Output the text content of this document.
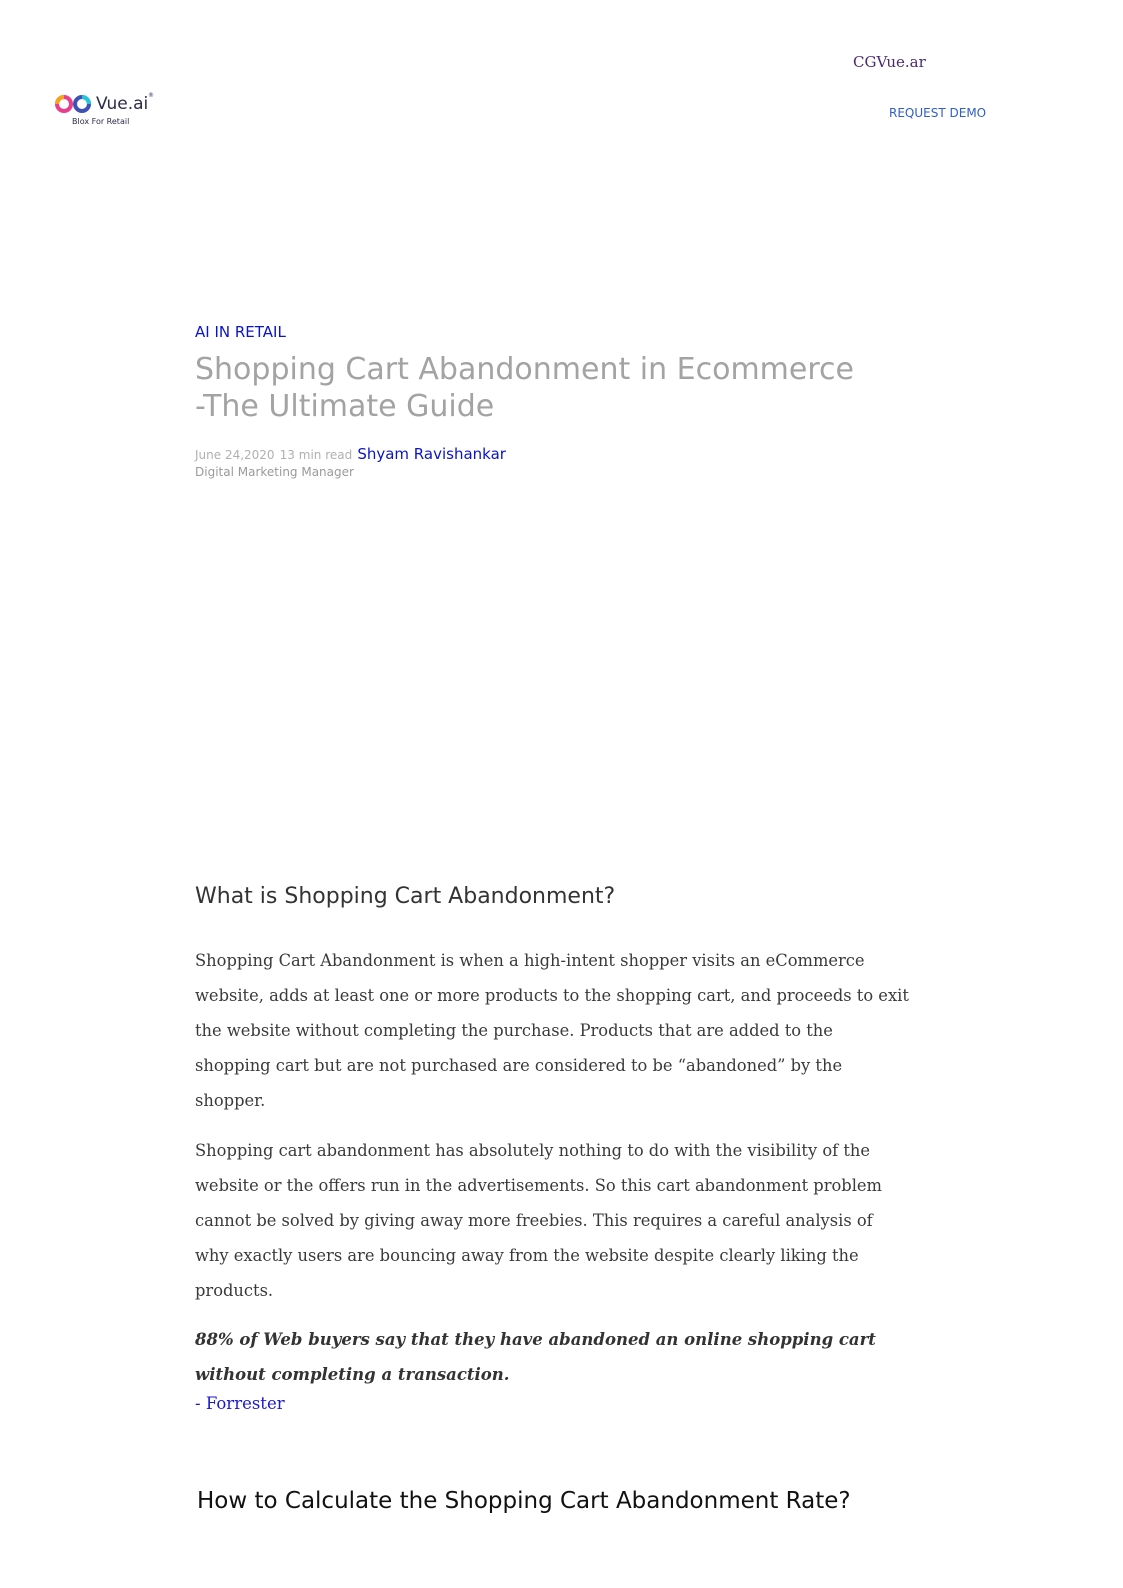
CGVue.ar
Vue.ai ®
Blox For Retail
REQUEST DEMO
AI IN RETAIL
Shopping Cart Abandonment in Ecommerce
-The Ultimate Guide
June 24,2020 13 min read Shyam Ravishankar
Digital Marketing Manager
What is Shopping Cart Abandonment?

Shopping Cart Abandonment is when a high-intent shopper visits an eCommerce
website, adds at least one or more products to the shopping cart, and proceeds to exit
the website without completing the purchase. Products that are added to the
shopping cart but are not purchased are considered to be “abandoned” by the
shopper.

Shopping cart abandonment has absolutely nothing to do with the visibility of the
website or the offers run in the advertisements. So this cart abandonment problem
cannot be solved by giving away more freebies. This requires a careful analysis of
why exactly users are bouncing away from the website despite clearly liking the
products.

88% of Web buyers say that they have abandoned an online shopping cart
without completing a transaction.
- Forrester
How to Calculate the Shopping Cart Abandonment Rate?
